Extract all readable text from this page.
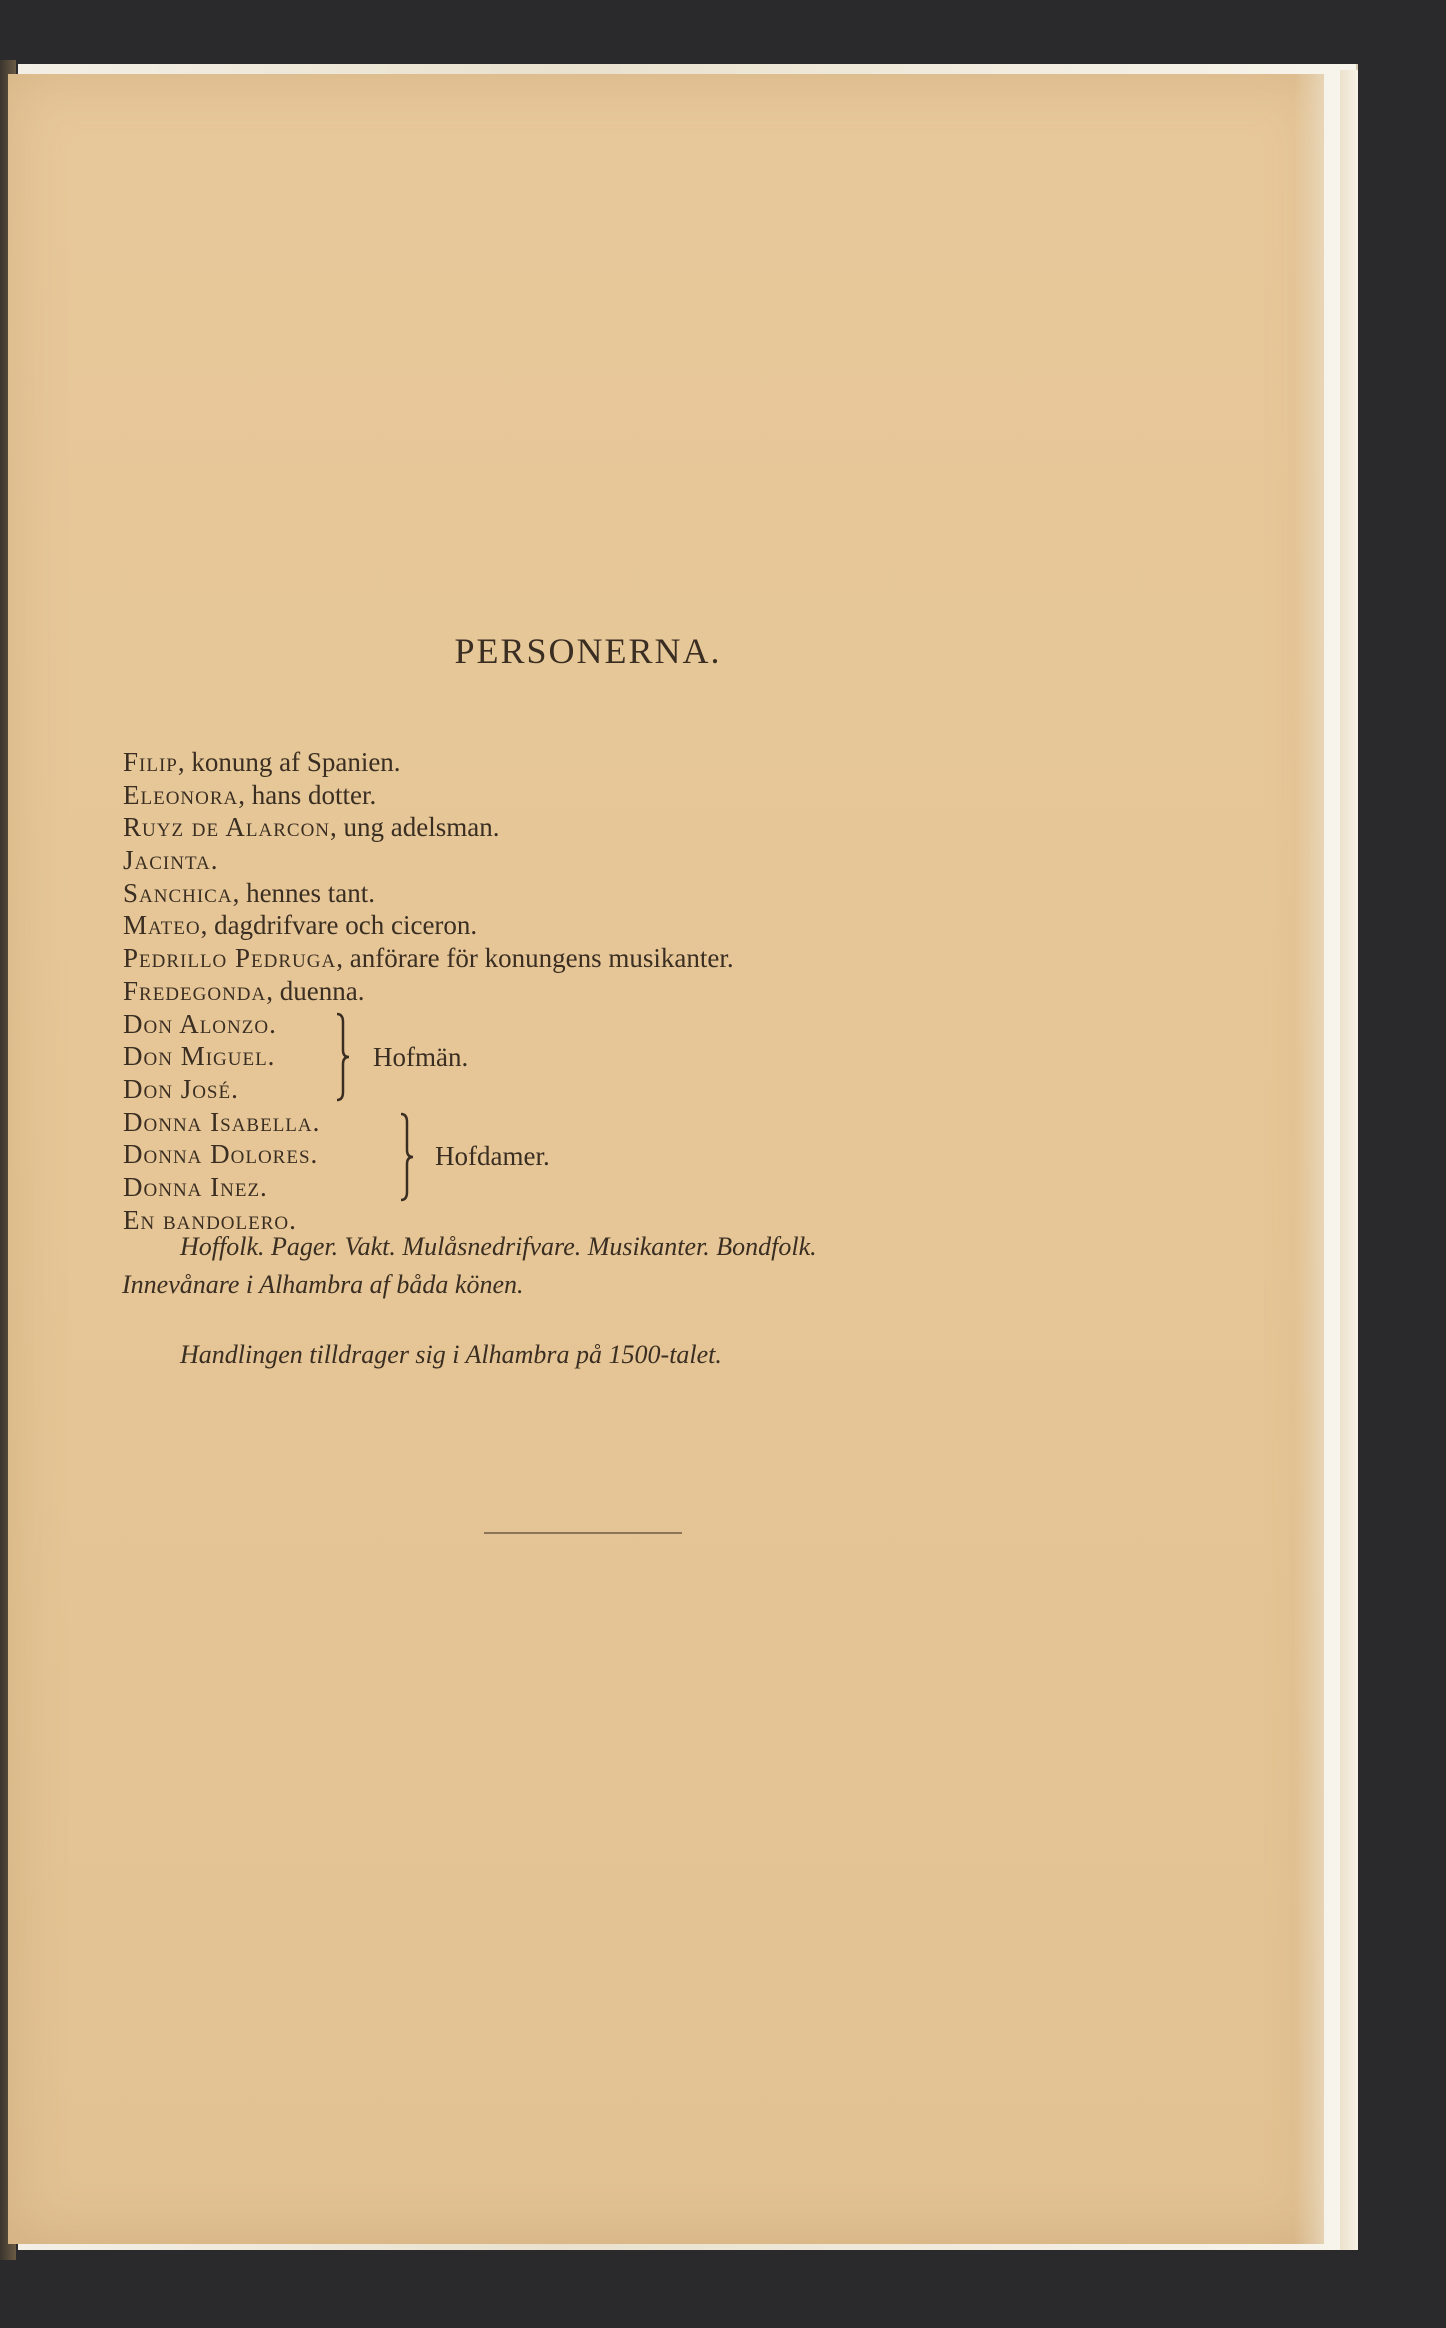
PERSONERNA.
Filip, konung af Spanien.
Eleonora, hans dotter.
Ruyz de Alarcon, ung adelsman.
Jacinta.
Sanchica, hennes tant.
Mateo, dagdrifvare och ciceron.
Pedrillo Pedruga, anförare för konungens musikanter.
Fredegonda, duenna.
Don Alonzo.
Don Miguel.
Don José.
Hofmän.
Donna Isabella.
Donna Dolores.
Donna Inez.
Hofdamer.
En bandolero.
Hoffolk. Pager. Vakt. Mulåsnedrifvare. Musikanter. Bondfolk.
Innevånare i Alhambra af båda könen.
Handlingen tilldrager sig i Alhambra på 1500-talet.
